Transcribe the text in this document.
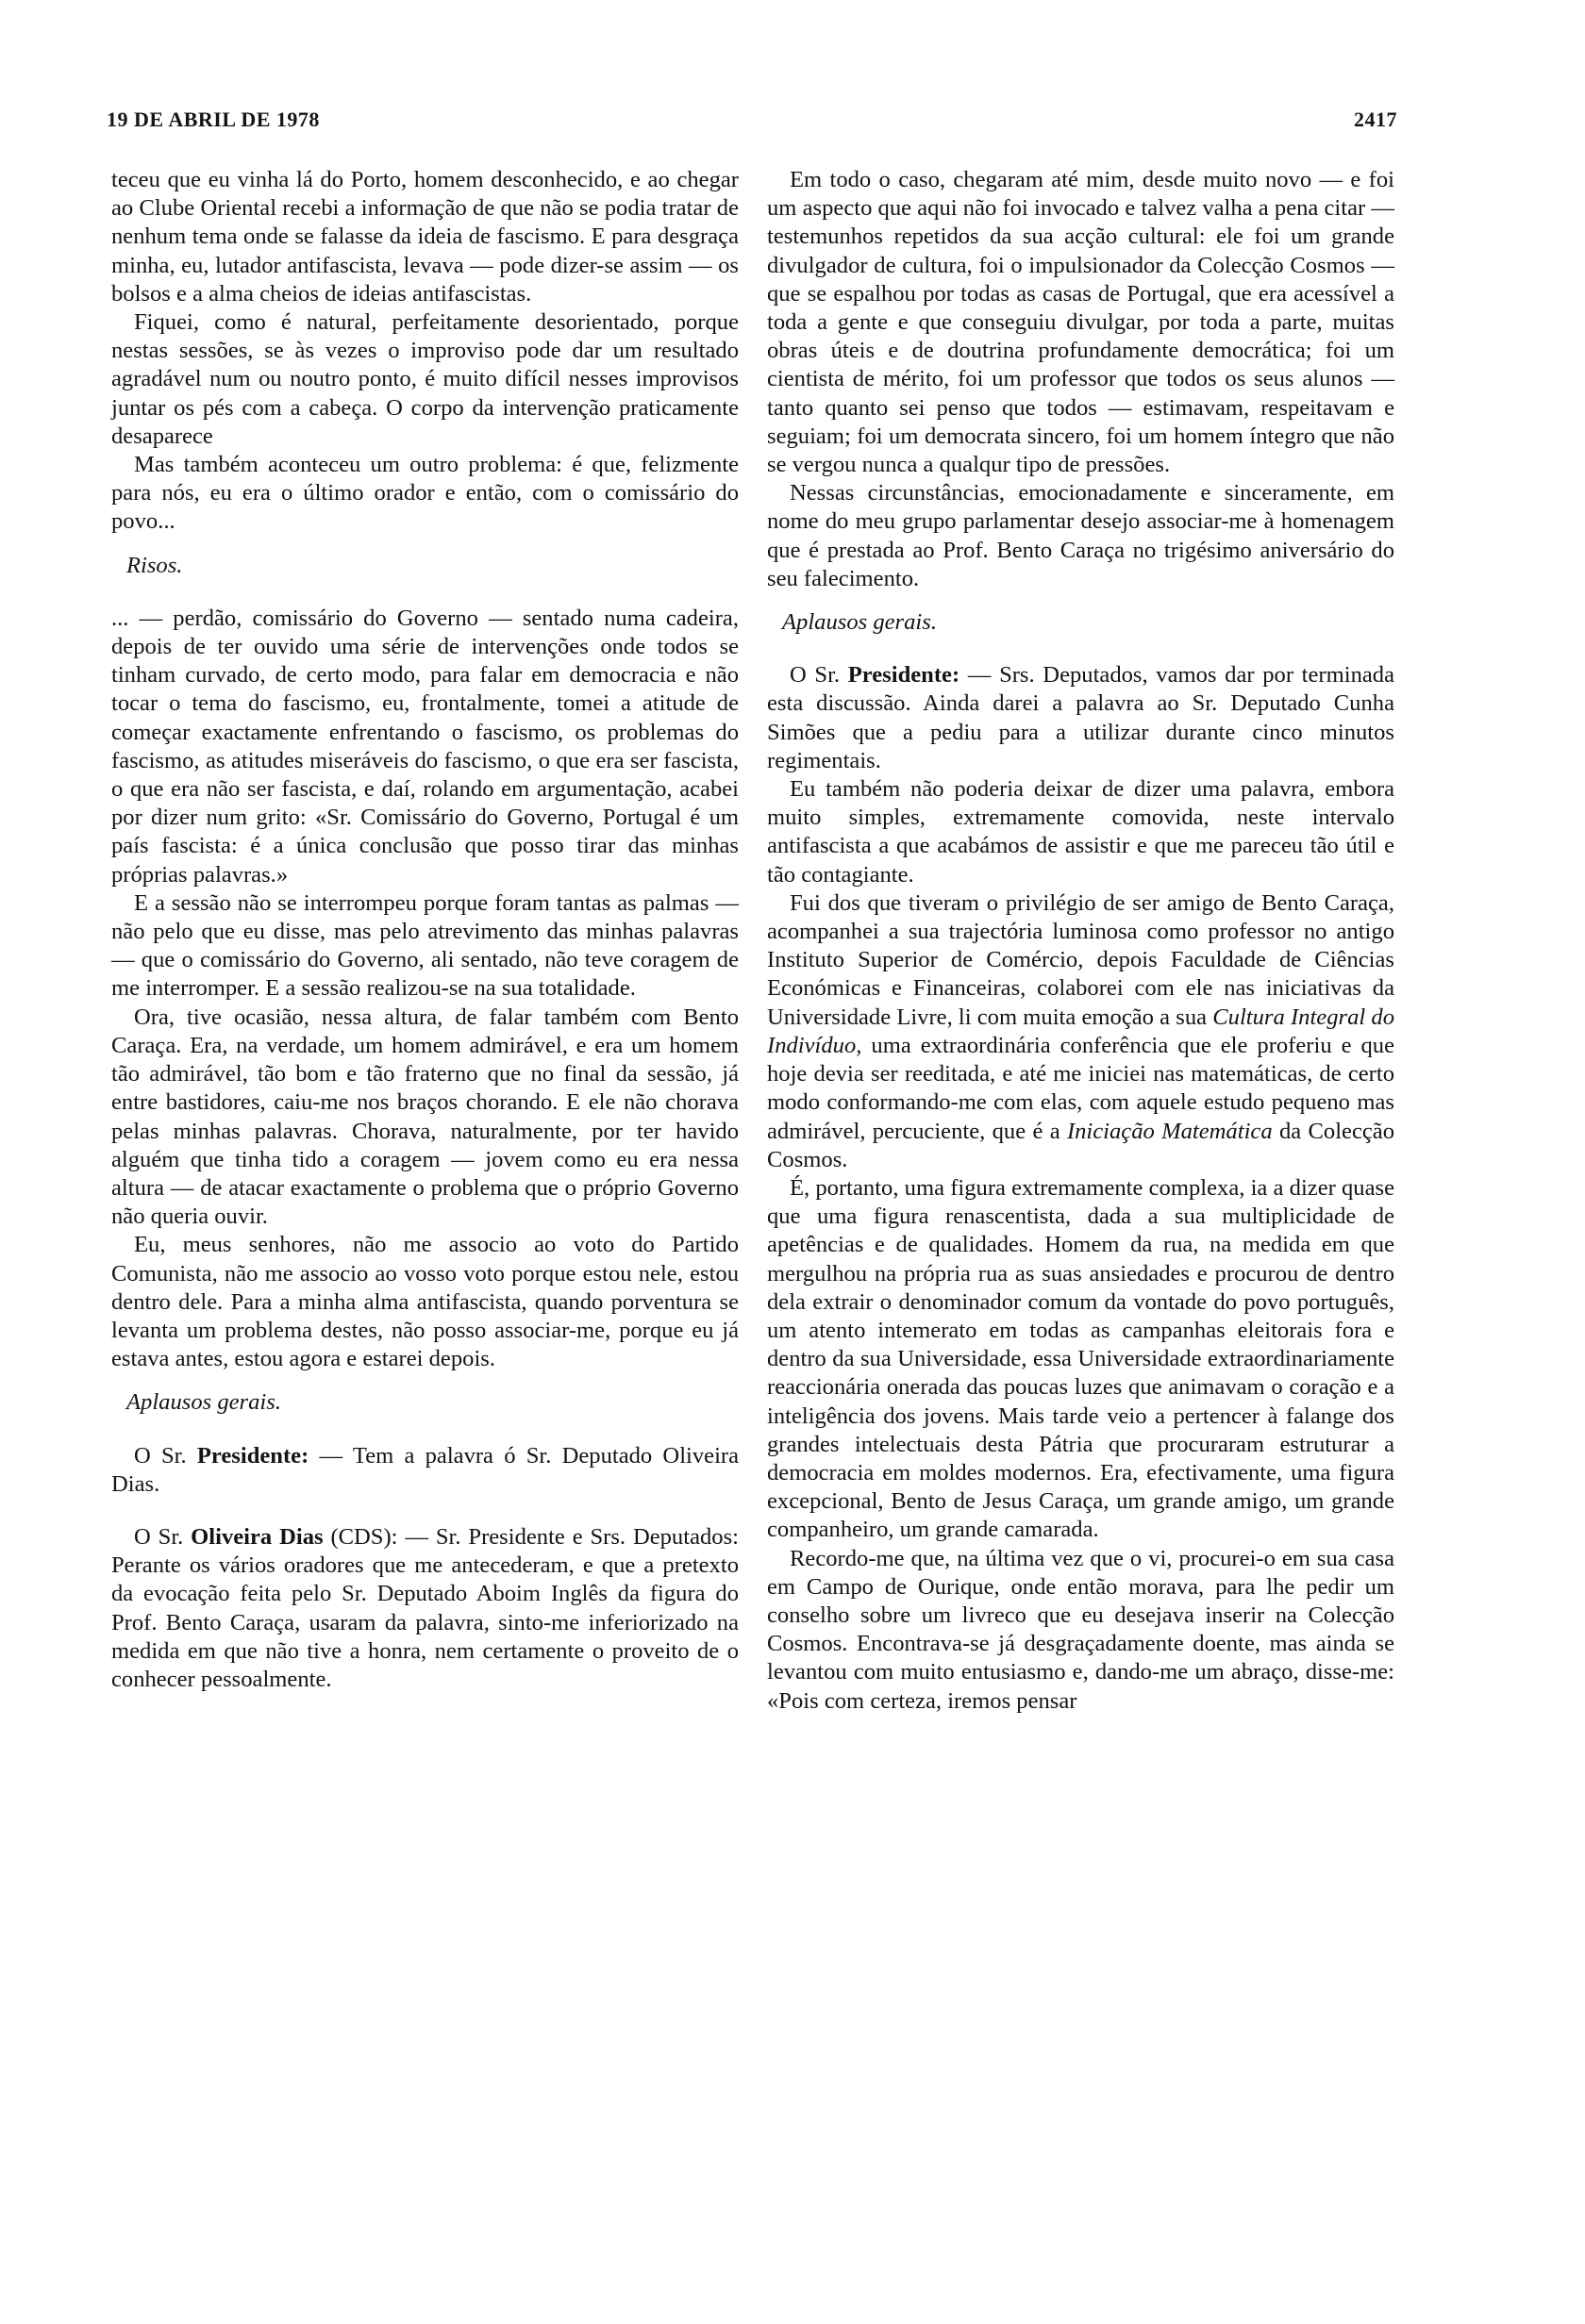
19 DE ABRIL DE 1978	2417

teceu que eu vinha lá do Porto, homem desconhecido, e ao chegar ao Clube Oriental recebi a informação de que não se podia tratar de nenhum tema onde se falasse da ideia de fascismo. E para desgraça minha, eu, lutador antifascista, levava — pode dizer-se assim — os bolsos e a alma cheios de ideias antifascistas.

Fiquei, como é natural, perfeitamente desorientado, porque nestas sessões, se às vezes o improviso pode dar um resultado agradável num ou noutro ponto, é muito difícil nesses improvisos juntar os pés com a cabeça. O corpo da intervenção praticamente desaparece

Mas também aconteceu um outro problema: é que, felizmente para nós, eu era o último orador e então, com o comissário do povo...

Risos.

... — perdão, comissário do Governo — sentado numa cadeira, depois de ter ouvido uma série de intervenções onde todos se tinham curvado, de certo modo, para falar em democracia e não tocar o tema do fascismo, eu, frontalmente, tomei a atitude de começar exactamente enfrentando o fascismo, os problemas do fascismo, as atitudes miseráveis do fascismo, o que era ser fascista, o que era não ser fascista, e daí, rolando em argumentação, acabei por dizer num grito: «Sr. Comissário do Governo, Portugal é um país fascista: é a única conclusão que posso tirar das minhas próprias palavras.»

E a sessão não se interrompeu porque foram tantas as palmas — não pelo que eu disse, mas pelo atrevimento das minhas palavras — que o comissário do Governo, ali sentado, não teve coragem de me interromper. E a sessão realizou-se na sua totalidade.

Ora, tive ocasião, nessa altura, de falar também com Bento Caraça. Era, na verdade, um homem admirável, e era um homem tão admirável, tão bom e tão fraterno que no final da sessão, já entre bastidores, caiu-me nos braços chorando. E ele não chorava pelas minhas palavras. Chorava, naturalmente, por ter havido alguém que tinha tido a coragem — jovem como eu era nessa altura — de atacar exactamente o problema que o próprio Governo não queria ouvir.

Eu, meus senhores, não me associo ao voto do Partido Comunista, não me associo ao vosso voto porque estou nele, estou dentro dele. Para a minha alma antifascista, quando porventura se levanta um problema destes, não posso associar-me, porque eu já estava antes, estou agora e estarei depois.

Aplausos gerais.

O Sr. Presidente: — Tem a palavra ó Sr. Deputado Oliveira Dias.

O Sr. Oliveira Dias (CDS): — Sr. Presidente e Srs. Deputados: Perante os vários oradores que me antecederam, e que a pretexto da evocação feita pelo Sr. Deputado Aboim Inglês da figura do Prof. Bento Caraça, usaram da palavra, sinto-me inferiorizado na medida em que não tive a honra, nem certamente o proveito de o conhecer pessoalmente.

Em todo o caso, chegaram até mim, desde muito novo — e foi um aspecto que aqui não foi invocado e talvez valha a pena citar — testemunhos repetidos da sua acção cultural: ele foi um grande divulgador de cultura, foi o impulsionador da Colecção Cosmos — que se espalhou por todas as casas de Portugal, que era acessível a toda a gente e que conseguiu divulgar, por toda a parte, muitas obras úteis e de doutrina profundamente democrática; foi um cientista de mérito, foi um professor que todos os seus alunos — tanto quanto sei penso que todos — estimavam, respeitavam e seguiam; foi um democrata sincero, foi um homem íntegro que não se vergou nunca a qualqur tipo de pressões.

Nessas circunstâncias, emocionadamente e sinceramente, em nome do meu grupo parlamentar desejo associar-me à homenagem que é prestada ao Prof. Bento Caraça no trigésimo aniversário do seu falecimento.

Aplausos gerais.

O Sr. Presidente: — Srs. Deputados, vamos dar por terminada esta discussão. Ainda darei a palavra ao Sr. Deputado Cunha Simões que a pediu para a utilizar durante cinco minutos regimentais.

Eu também não poderia deixar de dizer uma palavra, embora muito simples, extremamente comovida, neste intervalo antifascista a que acabámos de assistir e que me pareceu tão útil e tão contagiante.

Fui dos que tiveram o privilégio de ser amigo de Bento Caraça, acompanhei a sua trajectória luminosa como professor no antigo Instituto Superior de Comércio, depois Faculdade de Ciências Económicas e Financeiras, colaborei com ele nas iniciativas da Universidade Livre, li com muita emoção a sua Cultura Integral do Indivíduo, uma extraordinária conferência que ele proferiu e que hoje devia ser reeditada, e até me iniciei nas matemáticas, de certo modo conformando-me com elas, com aquele estudo pequeno mas admirável, percuciente, que é a Iniciação Matemática da Colecção Cosmos.

É, portanto, uma figura extremamente complexa, ia a dizer quase que uma figura renascentista, dada a sua multiplicidade de apetências e de qualidades. Homem da rua, na medida em que mergulhou na própria rua as suas ansiedades e procurou de dentro dela extrair o denominador comum da vontade do povo português, um atento intemerato em todas as campanhas eleitorais fora e dentro da sua Universidade, essa Universidade extraordinariamente reaccionária onerada das poucas luzes que animavam o coração e a inteligência dos jovens. Mais tarde veio a pertencer à falange dos grandes intelectuais desta Pátria que procuraram estruturar a democracia em moldes modernos. Era, efectivamente, uma figura excepcional, Bento de Jesus Caraça, um grande amigo, um grande companheiro, um grande camarada.

Recordo-me que, na última vez que o vi, procurei-o em sua casa em Campo de Ourique, onde então morava, para lhe pedir um conselho sobre um livreco que eu desejava inserir na Colecção Cosmos. Encontrava-se já desgraçadamente doente, mas ainda se levantou com muito entusiasmo e, dando-me um abraço, disse-me: «Pois com certeza, iremos pensar
